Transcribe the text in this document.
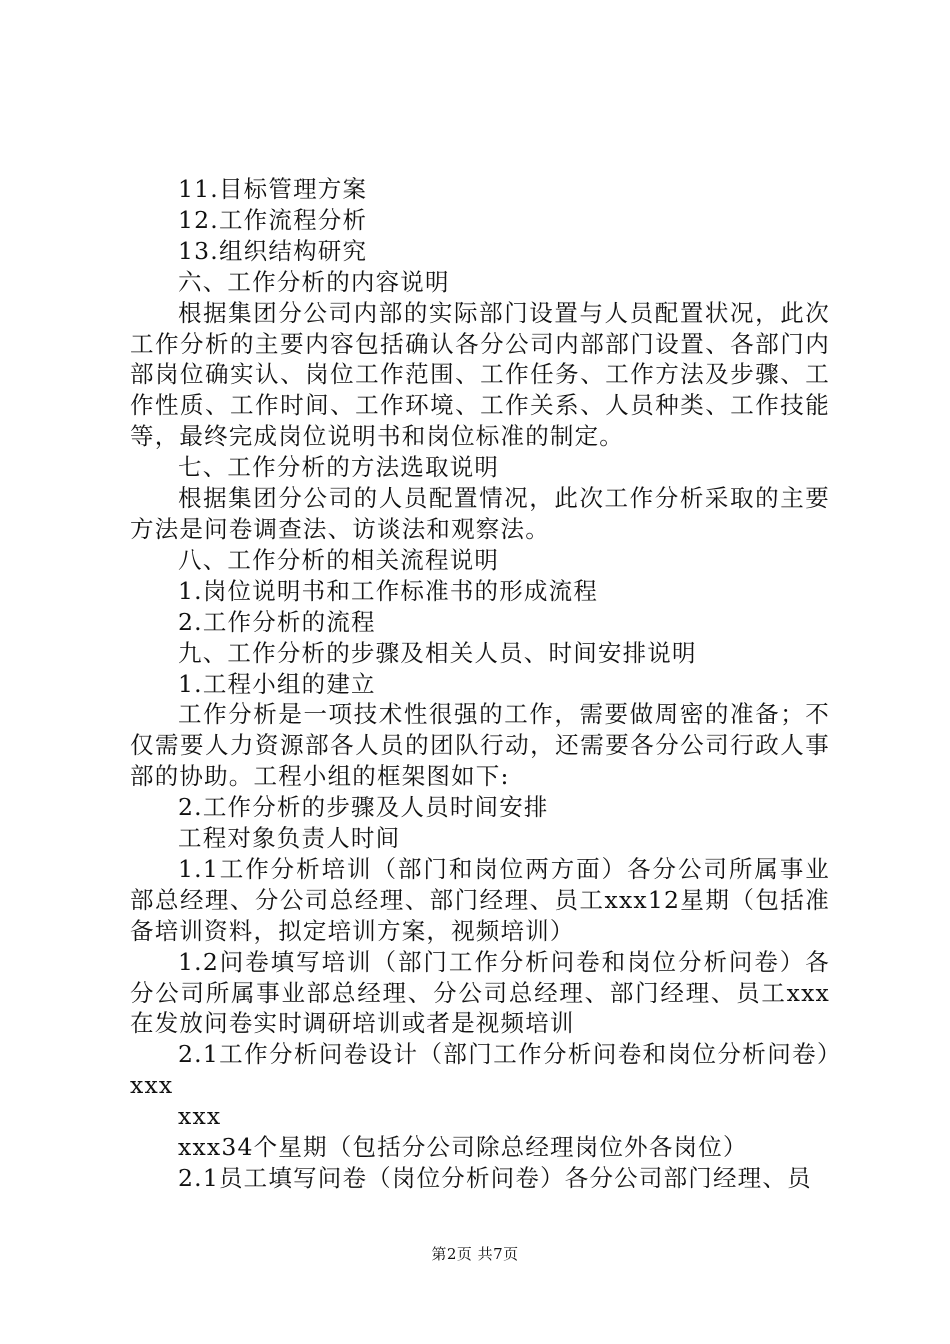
11.目标管理方案

12.工作流程分析

13.组织结构研究

六、工作分析的内容说明

根据集团分公司内部的实际部门设置与人员配置状况，此次工作分析的主要内容包括确认各分公司内部部门设置、各部门内部岗位确实认、岗位工作范围、工作任务、工作方法及步骤、工作性质、工作时间、工作环境、工作关系、人员种类、工作技能等，最终完成岗位说明书和岗位标准的制定。

七、工作分析的方法选取说明

根据集团分公司的人员配置情况，此次工作分析采取的主要方法是问卷调查法、访谈法和观察法。

八、工作分析的相关流程说明

1.岗位说明书和工作标准书的形成流程

2.工作分析的流程

九、工作分析的步骤及相关人员、时间安排说明

1.工程小组的建立

工作分析是一项技术性很强的工作，需要做周密的准备；不仅需要人力资源部各人员的团队行动，还需要各分公司行政人事部的协助。工程小组的框架图如下:

2.工作分析的步骤及人员时间安排

工程对象负责人时间

1.1工作分析培训（部门和岗位两方面）各分公司所属事业部总经理、分公司总经理、部门经理、员工xxx12星期（包括准备培训资料，拟定培训方案，视频培训）

1.2问卷填写培训（部门工作分析问卷和岗位分析问卷）各分公司所属事业部总经理、分公司总经理、部门经理、员工xxx在发放问卷实时调研培训或者是视频培训

2.1工作分析问卷设计（部门工作分析问卷和岗位分析问卷）xxx

xxx

xxx34个星期（包括分公司除总经理岗位外各岗位）

2.1员工填写问卷（岗位分析问卷）各分公司部门经理、员

第2页 共7页
